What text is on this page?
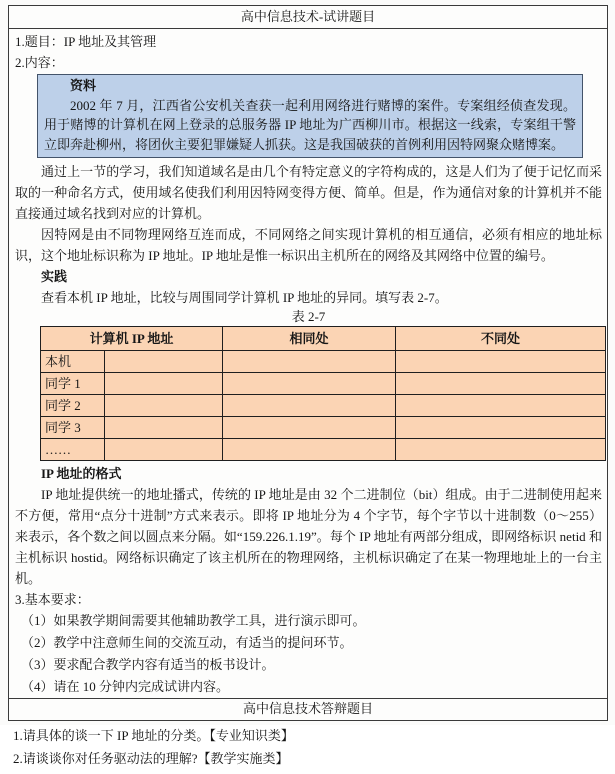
高中信息技术-试讲题目
1.题目：IP 地址及其管理
2.内容：
资料
2002 年 7 月，江西省公安机关查获一起利用网络进行赌博的案件。专案组经侦查发现。用于赌博的计算机在网上登录的总服务器 IP 地址为广西柳川市。根据这一线索，专案组干警立即奔赴柳州，将团伙主要犯罪嫌疑人抓获。这是我国破获的首例利用因特网聚众赌博案。
通过上一节的学习，我们知道域名是由几个有特定意义的字符构成的，这是人们为了便于记忆而采取的一种命名方式，使用域名使我们利用因特网变得方便、简单。但是，作为通信对象的计算机并不能直接通过域名找到对应的计算机。
因特网是由不同物理网络互连而成，不同网络之间实现计算机的相互通信，必须有相应的地址标识，这个地址标识称为 IP 地址。IP 地址是惟一标识出主机所在的网络及其网络中位置的编号。
实践
查看本机 IP 地址，比较与周围同学计算机 IP 地址的异同。填写表 2-7。
表 2-7
计算机 IP 地址		相同处	不同处
本机			
同学 1			
同学 2			
同学 3			
……			
IP 地址的格式
IP 地址提供统一的地址播式，传统的 IP 地址是由 32 个二进制位（bit）组成。由于二进制使用起来不方便，常用“点分十进制”方式来表示。即将 IP 地址分为 4 个字节，每个字节以十进制数（0～255）来表示，各个数之间以圆点来分隔。如“159.226.1.19”。每个 IP 地址有两部分组成，即网络标识 netid 和主机标识 hostid。网络标识确定了该主机所在的物理网络，主机标识确定了在某一物理地址上的一台主机。
3.基本要求：
（1）如果教学期间需要其他辅助教学工具，进行演示即可。
（2）教学中注意师生间的交流互动，有适当的提问环节。
（3）要求配合教学内容有适当的板书设计。
（4）请在 10 分钟内完成试讲内容。
高中信息技术答辩题目
1.请具体的谈一下 IP 地址的分类。【专业知识类】
2.请谈谈你对任务驱动法的理解?【教学实施类】
